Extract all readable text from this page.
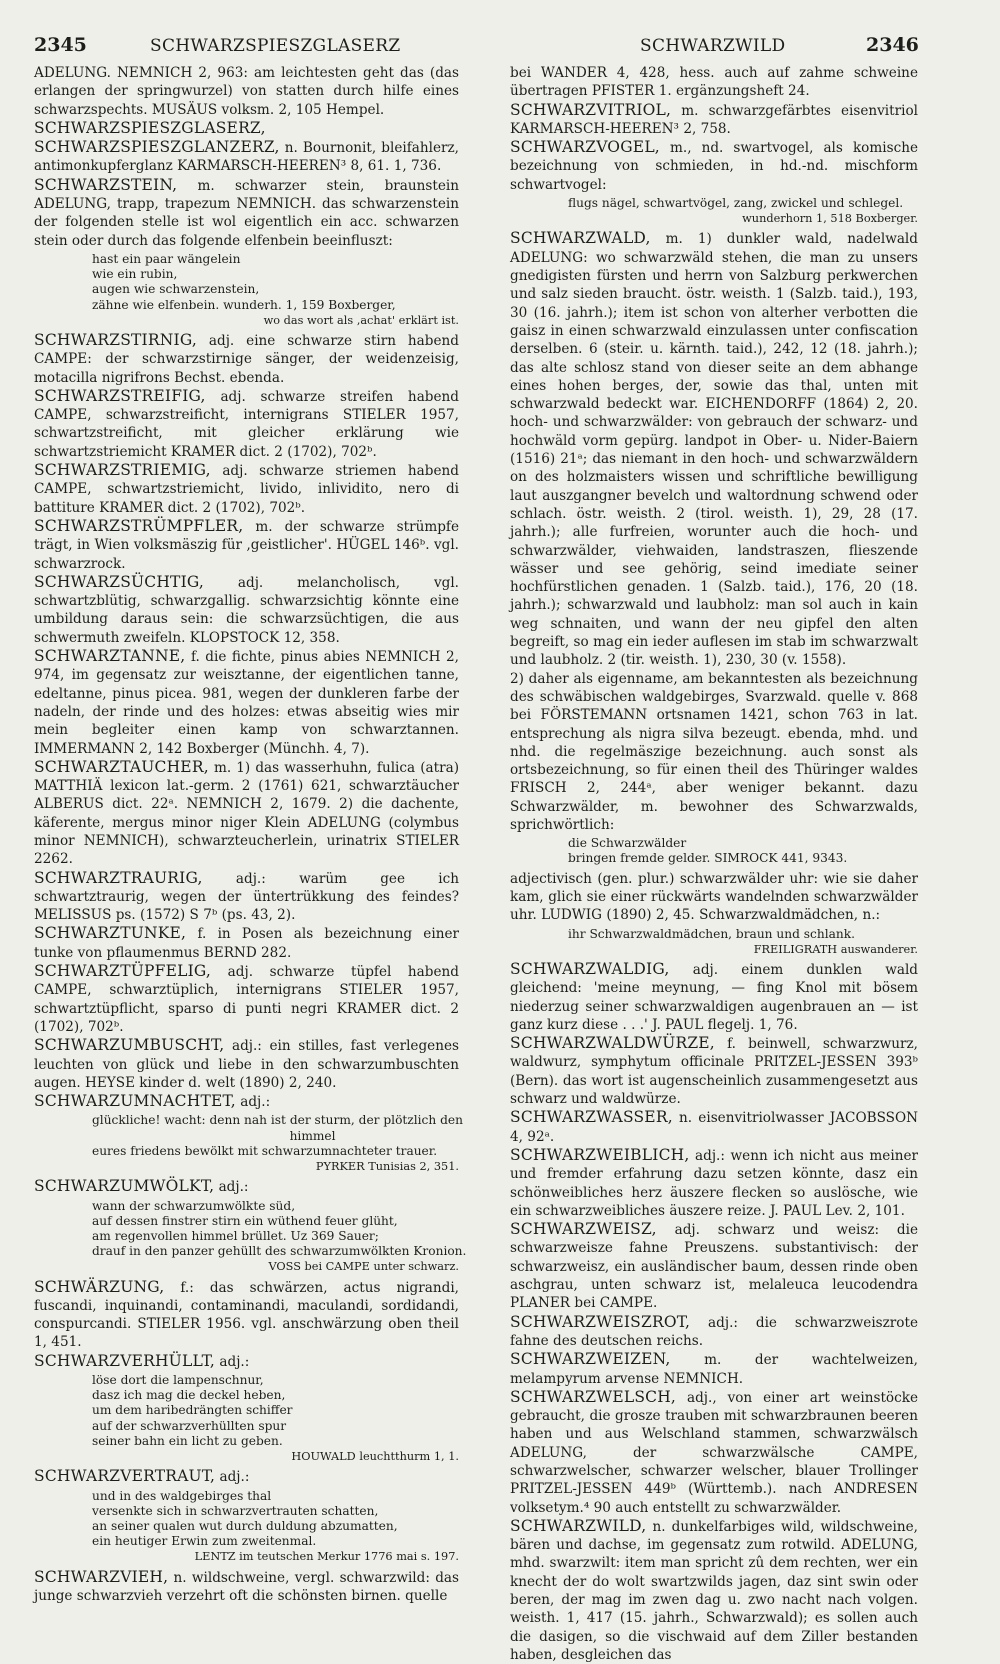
2345	SCHWARZSPIESZGLASERZ	SCHWARZWILD	2346

ADELUNG. NEMNICH 2, 963: am leichtesten geht das (das erlangen der springwurzel) von statten durch hilfe eines schwarzspechts. MUSÄUS volksm. 2, 105 Hempel.

SCHWARZSPIESZGLASERZ, SCHWARZSPIESZGLANZERZ, n. Bournonit, bleifahlerz, antimonkupferglanz KARMARSCH-HEEREN³ 8, 61. 1, 736.

SCHWARZSTEIN, m. schwarzer stein, braunstein ADELUNG, trapp, trapezum NEMNICH. das schwarzenstein der folgenden stelle ist wol eigentlich ein acc. schwarzen stein oder durch das folgende elfenbein beeinfluszt:

hast ein paar wängelein
wie ein rubin,
augen wie schwarzenstein,
zähne wie elfenbein. wunderh. 1, 159 Boxberger,
wo das wort als ‚achat' erklärt ist.

SCHWARZSTIRNIG, adj. eine schwarze stirn habend CAMPE: der schwarzstirnige sänger, der weidenzeisig, motacilla nigrifrons Bechst. ebenda.

SCHWARZSTREIFIG, adj. schwarze streifen habend CAMPE, schwarzstreificht, internigrans STIELER 1957, schwartzstreificht, mit gleicher erklärung wie schwartzstriemicht KRAMER dict. 2 (1702), 702ᵇ.

SCHWARZSTRIEMIG, adj. schwarze striemen habend CAMPE, schwartzstriemicht, livido, inlividito, nero di battiture KRAMER dict. 2 (1702), 702ᵇ.

SCHWARZSTRÜMPFLER, m. der schwarze strümpfe trägt, in Wien volksmäszig für ‚geistlicher'. HÜGEL 146ᵇ. vgl. schwarzrock.

SCHWARZSÜCHTIG, adj. melancholisch, vgl. schwartzblütig, schwarzgallig. schwarzsichtig könnte eine umbildung daraus sein: die schwarzsüchtigen, die aus schwermuth zweifeln. KLOPSTOCK 12, 358.

SCHWARZTANNE, f. die fichte, pinus abies NEMNICH 2, 974, im gegensatz zur weisztanne, der eigentlichen tanne, edeltanne, pinus picea. 981, wegen der dunkleren farbe der nadeln, der rinde und des holzes: etwas abseitig wies mir mein begleiter einen kamp von schwarztannen. IMMERMANN 2, 142 Boxberger (Münchh. 4, 7).

SCHWARZTAUCHER, m. 1) das wasserhuhn, fulica (atra) MATTHIÄ lexicon lat.-germ. 2 (1761) 621, schwarztäucher ALBERUS dict. 22ᵃ. NEMNICH 2, 1679. 2) die dachente, käferente, mergus minor niger Klein ADELUNG (colymbus minor NEMNICH), schwarzteucherlein, urinatrix STIELER 2262.

SCHWARZTRAURIG, adj.: warüm gee ich schwartztraurig, wegen der üntertrükkung des feindes? MELISSUS ps. (1572) S 7ᵇ (ps. 43, 2).

SCHWARZTUNKE, f. in Posen als bezeichnung einer tunke von pflaumenmus BERND 282.

SCHWARZTÜPFELIG, adj. schwarze tüpfel habend CAMPE, schwarztüplich, internigrans STIELER 1957, schwartztüpflicht, sparso di punti negri KRAMER dict. 2 (1702), 702ᵇ.

SCHWARZUMBUSCHT, adj.: ein stilles, fast verlegenes leuchten von glück und liebe in den schwarzumbuschten augen. HEYSE kinder d. welt (1890) 2, 240.

SCHWARZUMNACHTET, adj.:

glückliche! wacht: denn nah ist der sturm, der plötzlich den
himmel
eures friedens bewölkt mit schwarzumnachteter trauer.
PYRKER Tunisias 2, 351.

SCHWARZUMWÖLKT, adj.:

wann der schwarzumwölkte süd,
auf dessen finstrer stirn ein wüthend feuer glüht,
am regenvollen himmel brüllet. Uz 369 Sauer;
drauf in den panzer gehüllt des schwarzumwölkten Kronion.
VOSS bei CAMPE unter schwarz.

SCHWÄRZUNG, f.: das schwärzen, actus nigrandi, fuscandi, inquinandi, contaminandi, maculandi, sordidandi, conspurcandi. STIELER 1956. vgl. anschwärzung oben theil 1, 451.

SCHWARZVERHÜLLT, adj.:

löse dort die lampenschnur,
dasz ich mag die deckel heben,
um dem haribedrängten schiffer
auf der schwarzverhüllten spur
seiner bahn ein licht zu geben.
HOUWALD leuchtthurm 1, 1.

SCHWARZVERTRAUT, adj.:

und in des waldgebirges thal
versenkte sich in schwarzvertrauten schatten,
an seiner qualen wut durch duldung abzumatten,
ein heutiger Erwin zum zweitenmal.
LENTZ im teutschen Merkur 1776 mai s. 197.

SCHWARZVIEH, n. wildschweine, vergl. schwarzwild: das junge schwarzvieh verzehrt oft die schönsten birnen. quelle

bei WANDER 4, 428, hess. auch auf zahme schweine übertragen PFISTER 1. ergänzungsheft 24.

SCHWARZVITRIOL, m. schwarzgefärbtes eisenvitriol KARMARSCH-HEEREN³ 2, 758.

SCHWARZVOGEL, m., nd. swartvogel, als komische bezeichnung von schmieden, in hd.-nd. mischform schwartvogel:

flugs nägel, schwartvögel, zang, zwickel und schlegel.
wunderhorn 1, 518 Boxberger.

SCHWARZWALD, m. 1) dunkler wald, nadelwald ADELUNG: wo schwarzwäld stehen, die man zu unsers gnedigisten fürsten und herrn von Salzburg perkwerchen und salz sieden braucht. östr. weisth. 1 (Salzb. taid.), 193, 30 (16. jahrh.); item ist schon von alterher verbotten die gaisz in einen schwarzwald einzulassen unter confiscation derselben. 6 (steir. u. kärnth. taid.), 242, 12 (18. jahrh.); das alte schlosz stand von dieser seite an dem abhange eines hohen berges, der, sowie das thal, unten mit schwarzwald bedeckt war. EICHENDORFF (1864) 2, 20. hoch- und schwarzwälder: von gebrauch der schwarz- und hochwäld vorm gepürg. landpot in Ober- u. Nider-Baiern (1516) 21ᵃ; das niemant in den hoch- und schwarzwäldern on des holzmaisters wissen und schriftliche bewilligung laut auszgangner bevelch und waltordnung schwend oder schlach. östr. weisth. 2 (tirol. weisth. 1), 29, 28 (17. jahrh.); alle furfreien, worunter auch die hoch- und schwarzwälder, viehwaiden, landstraszen, flieszende wässer und see gehörig, seind imediate seiner hochfürstlichen genaden. 1 (Salzb. taid.), 176, 20 (18. jahrh.); schwarzwald und laubholz: man sol auch in kain weg schnaiten, und wann der neu gipfel den alten begreift, so mag ein ieder auflesen im stab im schwarzwalt und laubholz. 2 (tir. weisth. 1), 230, 30 (v. 1558).

2) daher als eigenname, am bekanntesten als bezeichnung des schwäbischen waldgebirges, Svarzwald. quelle v. 868 bei FÖRSTEMANN ortsnamen 1421, schon 763 in lat. entsprechung als nigra silva bezeugt. ebenda, mhd. und nhd. die regelmäszige bezeichnung. auch sonst als ortsbezeichnung, so für einen theil des Thüringer waldes FRISCH 2, 244ᵃ, aber weniger bekannt. dazu Schwarzwälder, m. bewohner des Schwarzwalds, sprichwörtlich:

die Schwarzwälder
bringen fremde gelder. SIMROCK 441, 9343.

adjectivisch (gen. plur.) schwarzwälder uhr: wie sie daher kam, glich sie einer rückwärts wandelnden schwarzwälder uhr. LUDWIG (1890) 2, 45. Schwarzwaldmädchen, n.:

ihr Schwarzwaldmädchen, braun und schlank.
FREILIGRATH auswanderer.

SCHWARZWALDIG, adj. einem dunklen wald gleichend: 'meine meynung, — fing Knol mit bösem niederzug seiner schwarzwaldigen augenbrauen an — ist ganz kurz diese . . .' J. PAUL flegelj. 1, 76.

SCHWARZWALDWÜRZE, f. beinwell, schwarzwurz, waldwurz, symphytum officinale PRITZEL-JESSEN 393ᵇ (Bern). das wort ist augenscheinlich zusammengesetzt aus schwarz und waldwürze.

SCHWARZWASSER, n. eisenvitriolwasser JACOBSSON 4, 92ᵃ.

SCHWARZWEIBLICH, adj.: wenn ich nicht aus meiner und fremder erfahrung dazu setzen könnte, dasz ein schönweibliches herz äuszere flecken so auslösche, wie ein schwarzweibliches äuszere reize. J. PAUL Lev. 2, 101.

SCHWARZWEISZ, adj. schwarz und weisz: die schwarzweisze fahne Preuszens. substantivisch: der schwarzweisz, ein ausländischer baum, dessen rinde oben aschgrau, unten schwarz ist, melaleuca leucodendra PLANER bei CAMPE.

SCHWARZWEISZROT, adj.: die schwarzweiszrote fahne des deutschen reichs.

SCHWARZWEIZEN, m. der wachtelweizen, melampyrum arvense NEMNICH.

SCHWARZWELSCH, adj., von einer art weinstöcke gebraucht, die grosze trauben mit schwarzbraunen beeren haben und aus Welschland stammen, schwarzwälsch ADELUNG, der schwarzwälsche CAMPE, schwarzwelscher, schwarzer welscher, blauer Trollinger PRITZEL-JESSEN 449ᵇ (Württemb.). nach ANDRESEN volksetym.⁴ 90 auch entstellt zu schwarzwälder.

SCHWARZWILD, n. dunkelfarbiges wild, wildschweine, bären und dachse, im gegensatz zum rotwild. ADELUNG, mhd. swarzwilt: item man spricht zû dem rechten, wer ein knecht der do wolt swartzwilds jagen, daz sint swin oder beren, der mag im zwen dag u. zwo nacht nach volgen. weisth. 1, 417 (15. jahrh., Schwarzwald); es sollen auch die dasigen, so die vischwaid auf dem Ziller bestanden haben, desgleichen das
